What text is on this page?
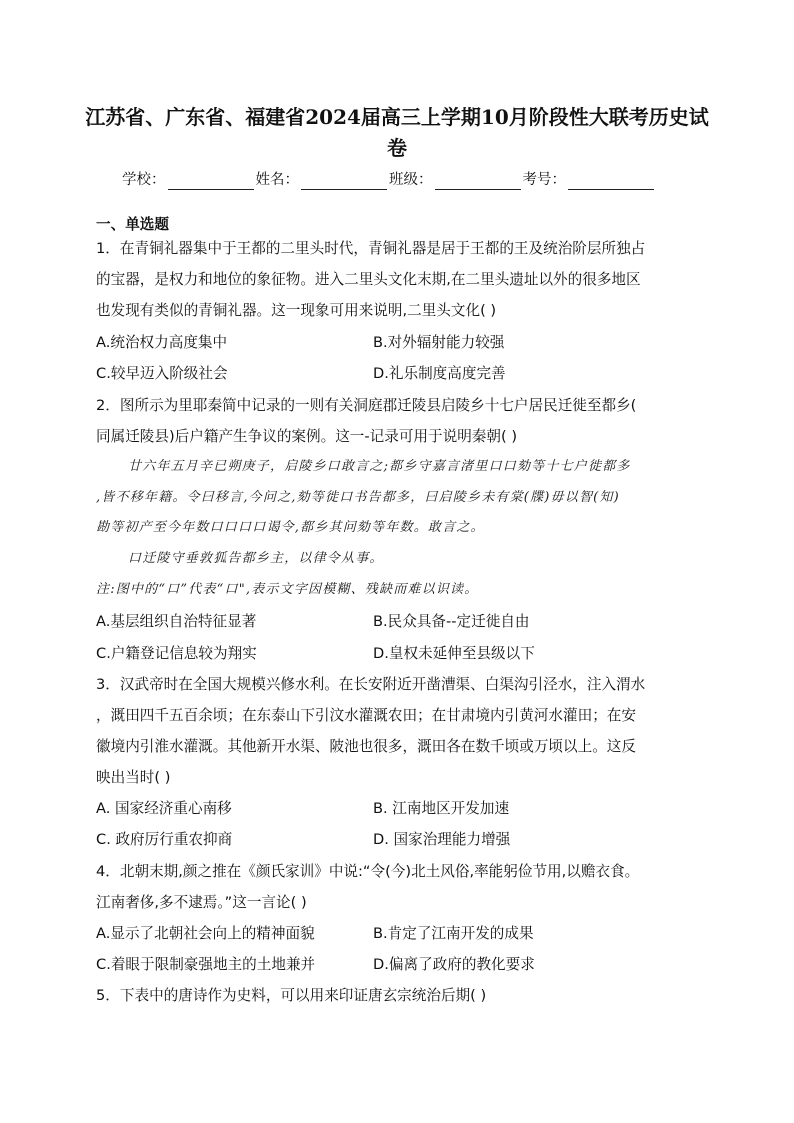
江苏省、广东省、福建省2024届高三上学期10月阶段性大联考历史试
卷
学校：	姓名：	班级：	考号：
一、单选题
1．在青铜礼器集中于王都的二里头时代，青铜礼器是居于王都的王及统治阶层所独占
的宝器，是权力和地位的象征物。进入二里头文化末期,在二里头遗址以外的很多地区
也发现有类似的青铜礼器。这一现象可用来说明,二里头文化( )
A.统治权力高度集中	B.对外辐射能力较强
C.较早迈入阶级社会	D.礼乐制度高度完善
2．图所示为里耶秦简中记录的一则有关洞庭郡迁陵县启陵乡十七户居民迁徙至都乡(
同属迁陵县)后户籍产生争议的案例。这一-记录可用于说明秦朝( )
廿六年五月辛已朔庚子，启陵乡口敢言之;都乡守嘉言渚里口口劾等十七户徙都多
,皆不移年籍。令曰移言,今问之,劾等徙口书告都多，曰启陵乡未有棠(牒)毋以智(知)
勘等初产至今年数口口口口谒令,都乡其问劾等年数。敢言之。
口迁陵守垂敦狐告都乡主，以律令从事。
注:图中的“口”代表“口",表示文字因模糊、残缺而难以识读。
A.基层组织自治特征显著	B.民众具备--定迁徙自由
C.户籍登记信息较为翔实	D.皇权未延伸至县级以下
3．汉武帝时在全国大规模兴修水利。在长安附近开凿漕渠、白渠沟引泾水，注入渭水
，溉田四千五百余顷；在东泰山下引汶水灌溉农田；在甘肃境内引黄河水灌田；在安
徽境内引淮水灌溉。其他新开水渠、陂池也很多，溉田各在数千顷或万顷以上。这反
映出当时( )
A. 国家经济重心南移	B. 江南地区开发加速
C. 政府厉行重农抑商	D. 国家治理能力增强
4．北朝末期,颜之推在《颜氏家训》中说:“令(今)北土风俗,率能躬俭节用,以赡衣食。
江南奢侈,多不逮焉。”这一言论( )
A.显示了北朝社会向上的精神面貌	B.肯定了江南开发的成果
C.着眼于限制豪强地主的土地兼并	D.偏离了政府的教化要求
5．下表中的唐诗作为史料，可以用来印证唐玄宗统治后期( )
